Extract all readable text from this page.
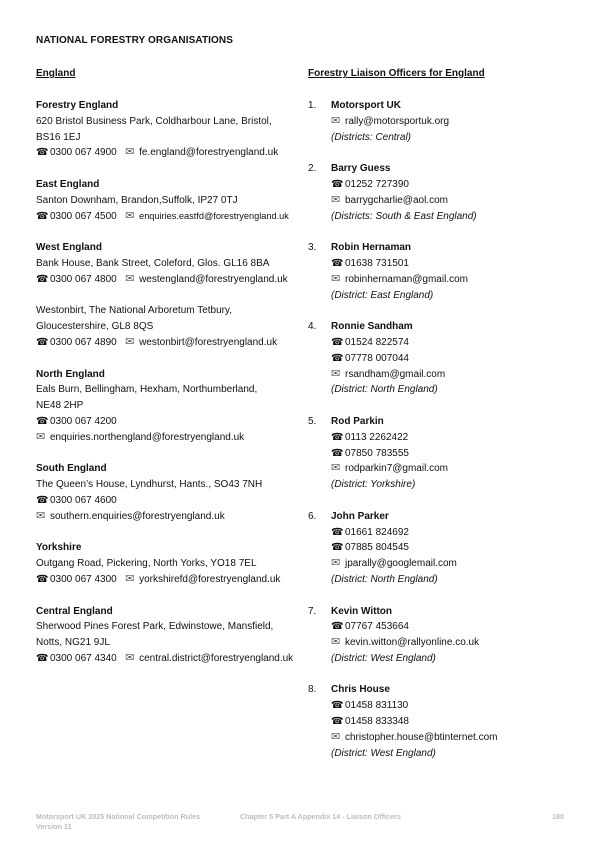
NATIONAL FORESTRY ORGANISATIONS
England
Forestry England
620 Bristol Business Park, Coldharbour Lane, Bristol,
BS16 1EJ
☎ 0300 067 4900 ✉ fe.england@forestryengland.uk
East England
Santon Downham, Brandon,Suffolk, IP27 0TJ
☎ 0300 067 4500 ✉ enquiries.eastfd@forestryengland.uk
West England
Bank House, Bank Street, Coleford, Glos. GL16 8BA
☎ 0300 067 4800 ✉ westengland@forestryengland.uk
Westonbirt, The National Arboretum Tetbury,
Gloucestershire, GL8 8QS
☎ 0300 067 4890 ✉ westonbirt@forestryengland.uk
North England
Eals Burn, Bellingham, Hexham, Northumberland,
NE48 2HP
☎ 0300 067 4200
✉ enquiries.northengland@forestryengland.uk
South England
The Queen’s House, Lyndhurst, Hants., SO43 7NH
☎ 0300 067 4600
✉ southern.enquiries@forestryengland.uk
Yorkshire
Outgang Road, Pickering, North Yorks, YO18 7EL
☎ 0300 067 4300 ✉ yorkshirefd@forestryengland.uk
Central England
Sherwood Pines Forest Park, Edwinstowe, Mansfield,
Notts, NG21 9JL
☎ 0300 067 4340 ✉ central.district@forestryengland.uk
Forestry Liaison Officers for England
1. Motorsport UK
✉ rally@motorsportuk.org
(Districts: Central)
2. Barry Guess
☎ 01252 727390
✉ barrygcharlie@aol.com
(Districts: South & East England)
3. Robin Hernaman
☎ 01638 731501
✉ robinhernaman@gmail.com
(District: East England)
4. Ronnie Sandham
☎ 01524 822574
☎ 07778 007044
✉ rsandham@gmail.com
(District: North England)
5. Rod Parkin
☎ 0113 2262422
☎ 07850 783555
✉ rodparkin7@gmail.com
(District: Yorkshire)
6. John Parker
☎ 01661 824692
☎ 07885 804545
✉ jparally@googlemail.com
(District: North England)
7. Kevin Witton
☎ 07767 453664
✉ kevin.witton@rallyonline.co.uk
(District: West England)
8. Chris House
☎ 01458 831130
☎ 01458 833348
✉ christopher.house@btinternet.com
(District: West England)
Motorsport UK 2025 National Competition Rules
Version 11
Chapter 5 Part A Appendix 14 - Liaison Officers	180
